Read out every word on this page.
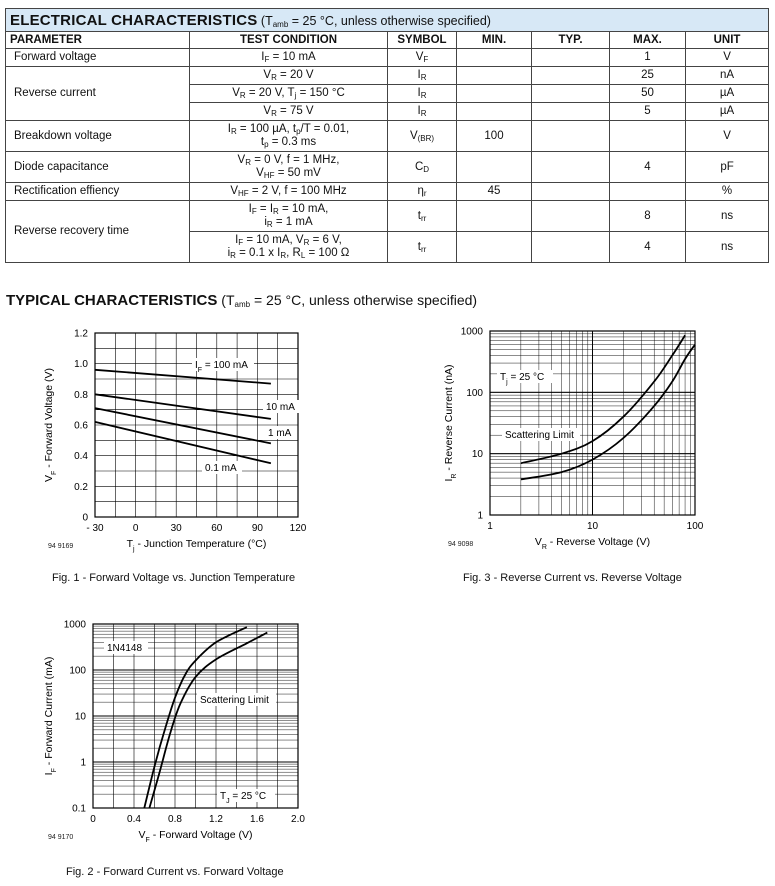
ELECTRICAL CHARACTERISTICS ($T_{amb} = 25$ °C, unless otherwise specified)						
PARAMETER	TEST CONDITION	SYMBOL	MIN.	TYP.	MAX.	UNIT
Forward voltage	$I_F = 10$ mA	$V_F$			1	V
Reverse current	$V_R = 20$ V	$I_R$			25	nA
	$V_R = 20$ V, $T_j = 150$ °C	$I_R$			50	µA
	$V_R = 75$ V	$I_R$			5	µA
Breakdown voltage	$I_R = 100$ µA, $t_p/T = 0.01$,
$t_p = 0.3$ ms	$V_{(BR)}$	100			V
Diode capacitance	$V_R = 0$ V, f = 1 MHz,
$V_{HF} = 50$ mV	$C_D$			4	pF
Rectification effiency	$V_{HF} = 2$ V, f = 100 MHz	$\eta_r$	45			%
Reverse recovery time	$I_F = I_R = 10$ mA,
$i_R = 1$ mA	$t_{rr}$			8	ns
	$I_F = 10$ mA, $V_R = 6$ V,
$i_R = 0.1$ x $I_R$, $R_L = 100$ Ω	$t_{rr}$			4	ns
TYPICAL CHARACTERISTICS ($T_{amb} = 25$ °C, unless otherwise specified)
- 30	0	30	60	90	120
0
0.2
0.4
0.6
0.8
1.0
1.2
$T_j$ - Junction Temperature (°C)
$V_F$ - Forward Voltage (V)
94 9169
$I_F = 100$ mA
10 mA
1 mA
0.1 mA
Fig. 1 - Forward Voltage vs. Junction Temperature
1	10	100
1
10
100
1000
$V_R$ - Reverse Voltage (V)
$I_R$ - Reverse Current (nA)
94 9098
$T_j = 25$ °C
Scattering Limit
Fig. 3 - Reverse Current vs. Reverse Voltage
0	0.4	0.8	1.2	1.6	2.0
0.1
1
10
100
1000
$V_F$ - Forward Voltage (V)
$I_F$ - Forward Current (mA)
94 9170
1N4148
Scattering Limit
$T_J = 25$ °C
Fig. 2 - Forward Current vs. Forward Voltage
